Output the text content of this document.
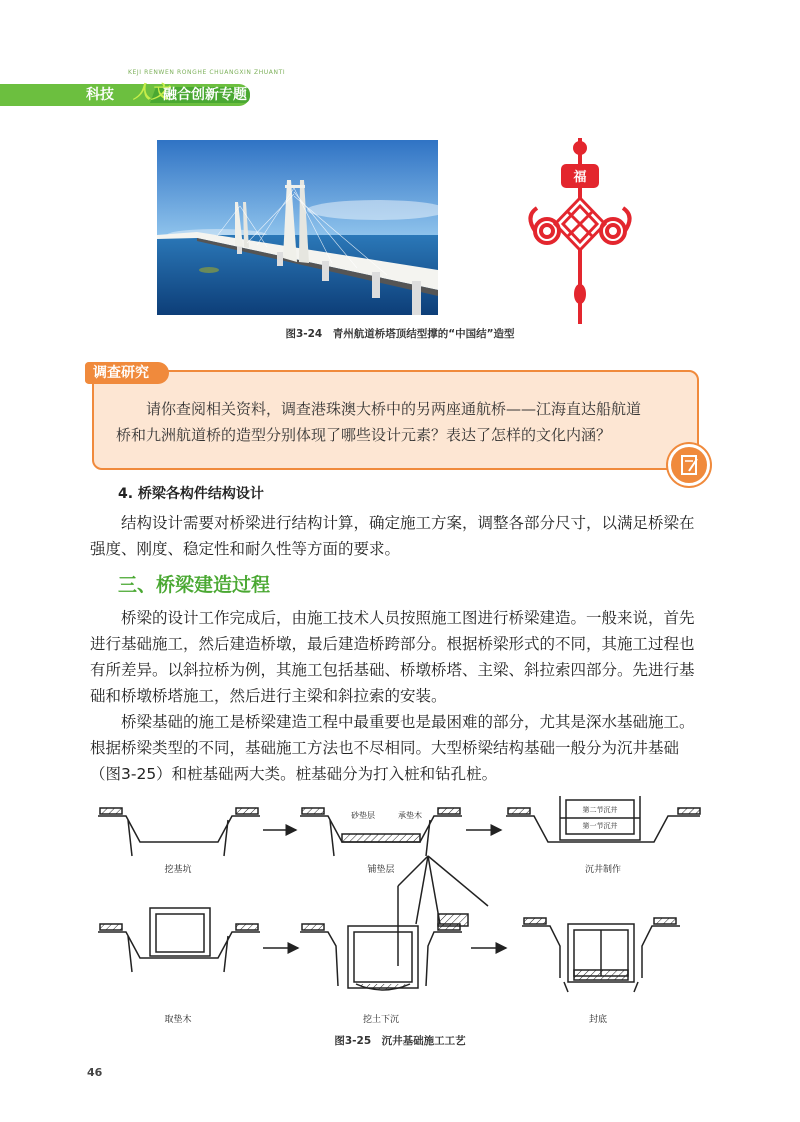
KEJI RENWEN RONGHE CHUANGXIN ZHUANTI
科技 人文
融合创新专题
福
图3-24　青州航道桥塔顶结型撑的“中国结”造型
调查研究

请你查阅相关资料，调查港珠澳大桥中的另两座通航桥——江海直达船航道

桥和九洲航道桥的造型分别体现了哪些设计元素？表达了怎样的文化内涵？

4. 桥梁各构件结构设计

结构设计需要对桥梁进行结构计算，确定施工方案，调整各部分尺寸，以满足桥梁在

强度、刚度、稳定性和耐久性等方面的要求。

三、桥梁建造过程

桥梁的设计工作完成后，由施工技术人员按照施工图进行桥梁建造。一般来说，首先

进行基础施工，然后建造桥墩，最后建造桥跨部分。根据桥梁形式的不同，其施工过程也

有所差异。以斜拉桥为例，其施工包括基础、桥墩桥塔、主梁、斜拉索四部分。先进行基

础和桥墩桥塔施工，然后进行主梁和斜拉索的安装。

桥梁基础的施工是桥梁建造工程中最重要也是最困难的部分，尤其是深水基础施工。

根据桥梁类型的不同，基础施工方法也不尽相同。大型桥梁结构基础一般分为沉井基础

（图3-25）和桩基础两大类。桩基础分为打入桩和钻孔桩。

挖基坑	铺垫层	沉井制作
取垫木	挖土下沉	封底
砂垫层	承垫木
第二节沉井
第一节沉井
图3-25　沉井基础施工工艺
46
